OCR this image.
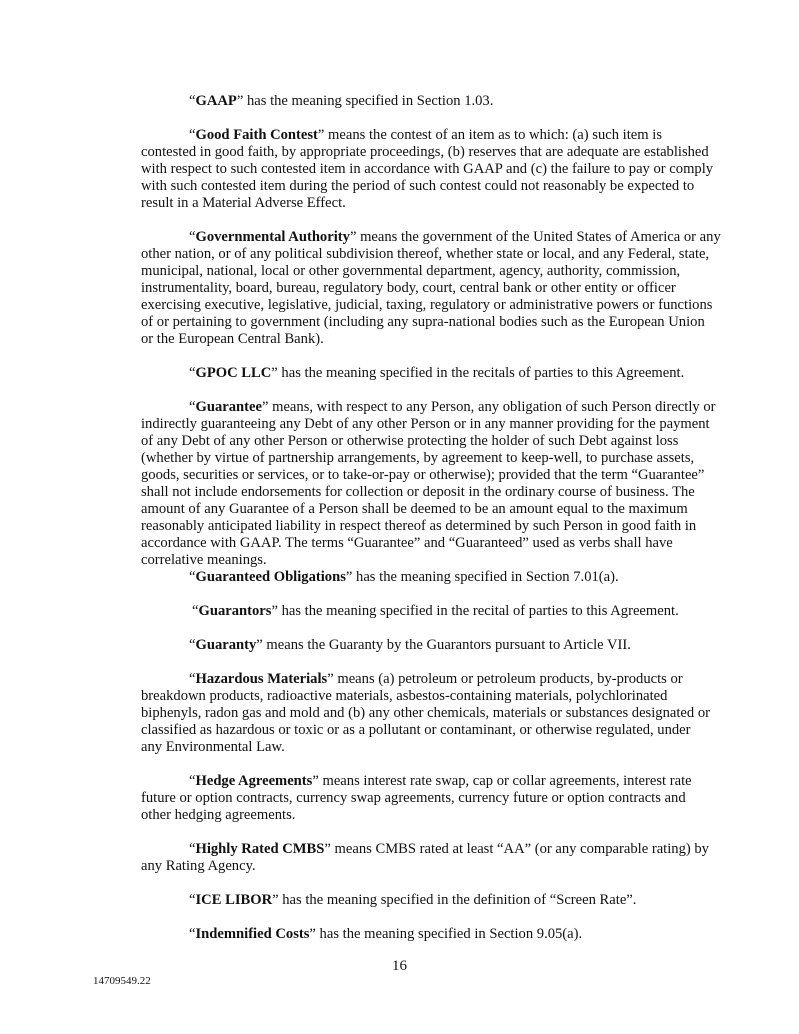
“GAAP” has the meaning specified in Section 1.03.
“Good Faith Contest” means the contest of an item as to which: (a) such item is
contested in good faith, by appropriate proceedings, (b) reserves that are adequate are established
with respect to such contested item in accordance with GAAP and (c) the failure to pay or comply
with such contested item during the period of such contest could not reasonably be expected to
result in a Material Adverse Effect.
“Governmental Authority” means the government of the United States of America or any
other nation, or of any political subdivision thereof, whether state or local, and any Federal, state,
municipal, national, local or other governmental department, agency, authority, commission,
instrumentality, board, bureau, regulatory body, court, central bank or other entity or officer
exercising executive, legislative, judicial, taxing, regulatory or administrative powers or functions
of or pertaining to government (including any supra-national bodies such as the European Union
or the European Central Bank).
“GPOC LLC” has the meaning specified in the recitals of parties to this Agreement.
“Guarantee” means, with respect to any Person, any obligation of such Person directly or
indirectly guaranteeing any Debt of any other Person or in any manner providing for the payment
of any Debt of any other Person or otherwise protecting the holder of such Debt against loss
(whether by virtue of partnership arrangements, by agreement to keep-well, to purchase assets,
goods, securities or services, or to take-or-pay or otherwise); provided that the term “Guarantee”
shall not include endorsements for collection or deposit in the ordinary course of business. The
amount of any Guarantee of a Person shall be deemed to be an amount equal to the maximum
reasonably anticipated liability in respect thereof as determined by such Person in good faith in
accordance with GAAP. The terms “Guarantee” and “Guaranteed” used as verbs shall have
correlative meanings.
“Guaranteed Obligations” has the meaning specified in Section 7.01(a).
“Guarantors” has the meaning specified in the recital of parties to this Agreement.
“Guaranty” means the Guaranty by the Guarantors pursuant to Article VII.
“Hazardous Materials” means (a) petroleum or petroleum products, by-products or
breakdown products, radioactive materials, asbestos-containing materials, polychlorinated
biphenyls, radon gas and mold and (b) any other chemicals, materials or substances designated or
classified as hazardous or toxic or as a pollutant or contaminant, or otherwise regulated, under
any Environmental Law.
“Hedge Agreements” means interest rate swap, cap or collar agreements, interest rate
future or option contracts, currency swap agreements, currency future or option contracts and
other hedging agreements.
“Highly Rated CMBS” means CMBS rated at least “AA” (or any comparable rating) by
any Rating Agency.
“ICE LIBOR” has the meaning specified in the definition of “Screen Rate”.
“Indemnified Costs” has the meaning specified in Section 9.05(a).
16
14709549.22
